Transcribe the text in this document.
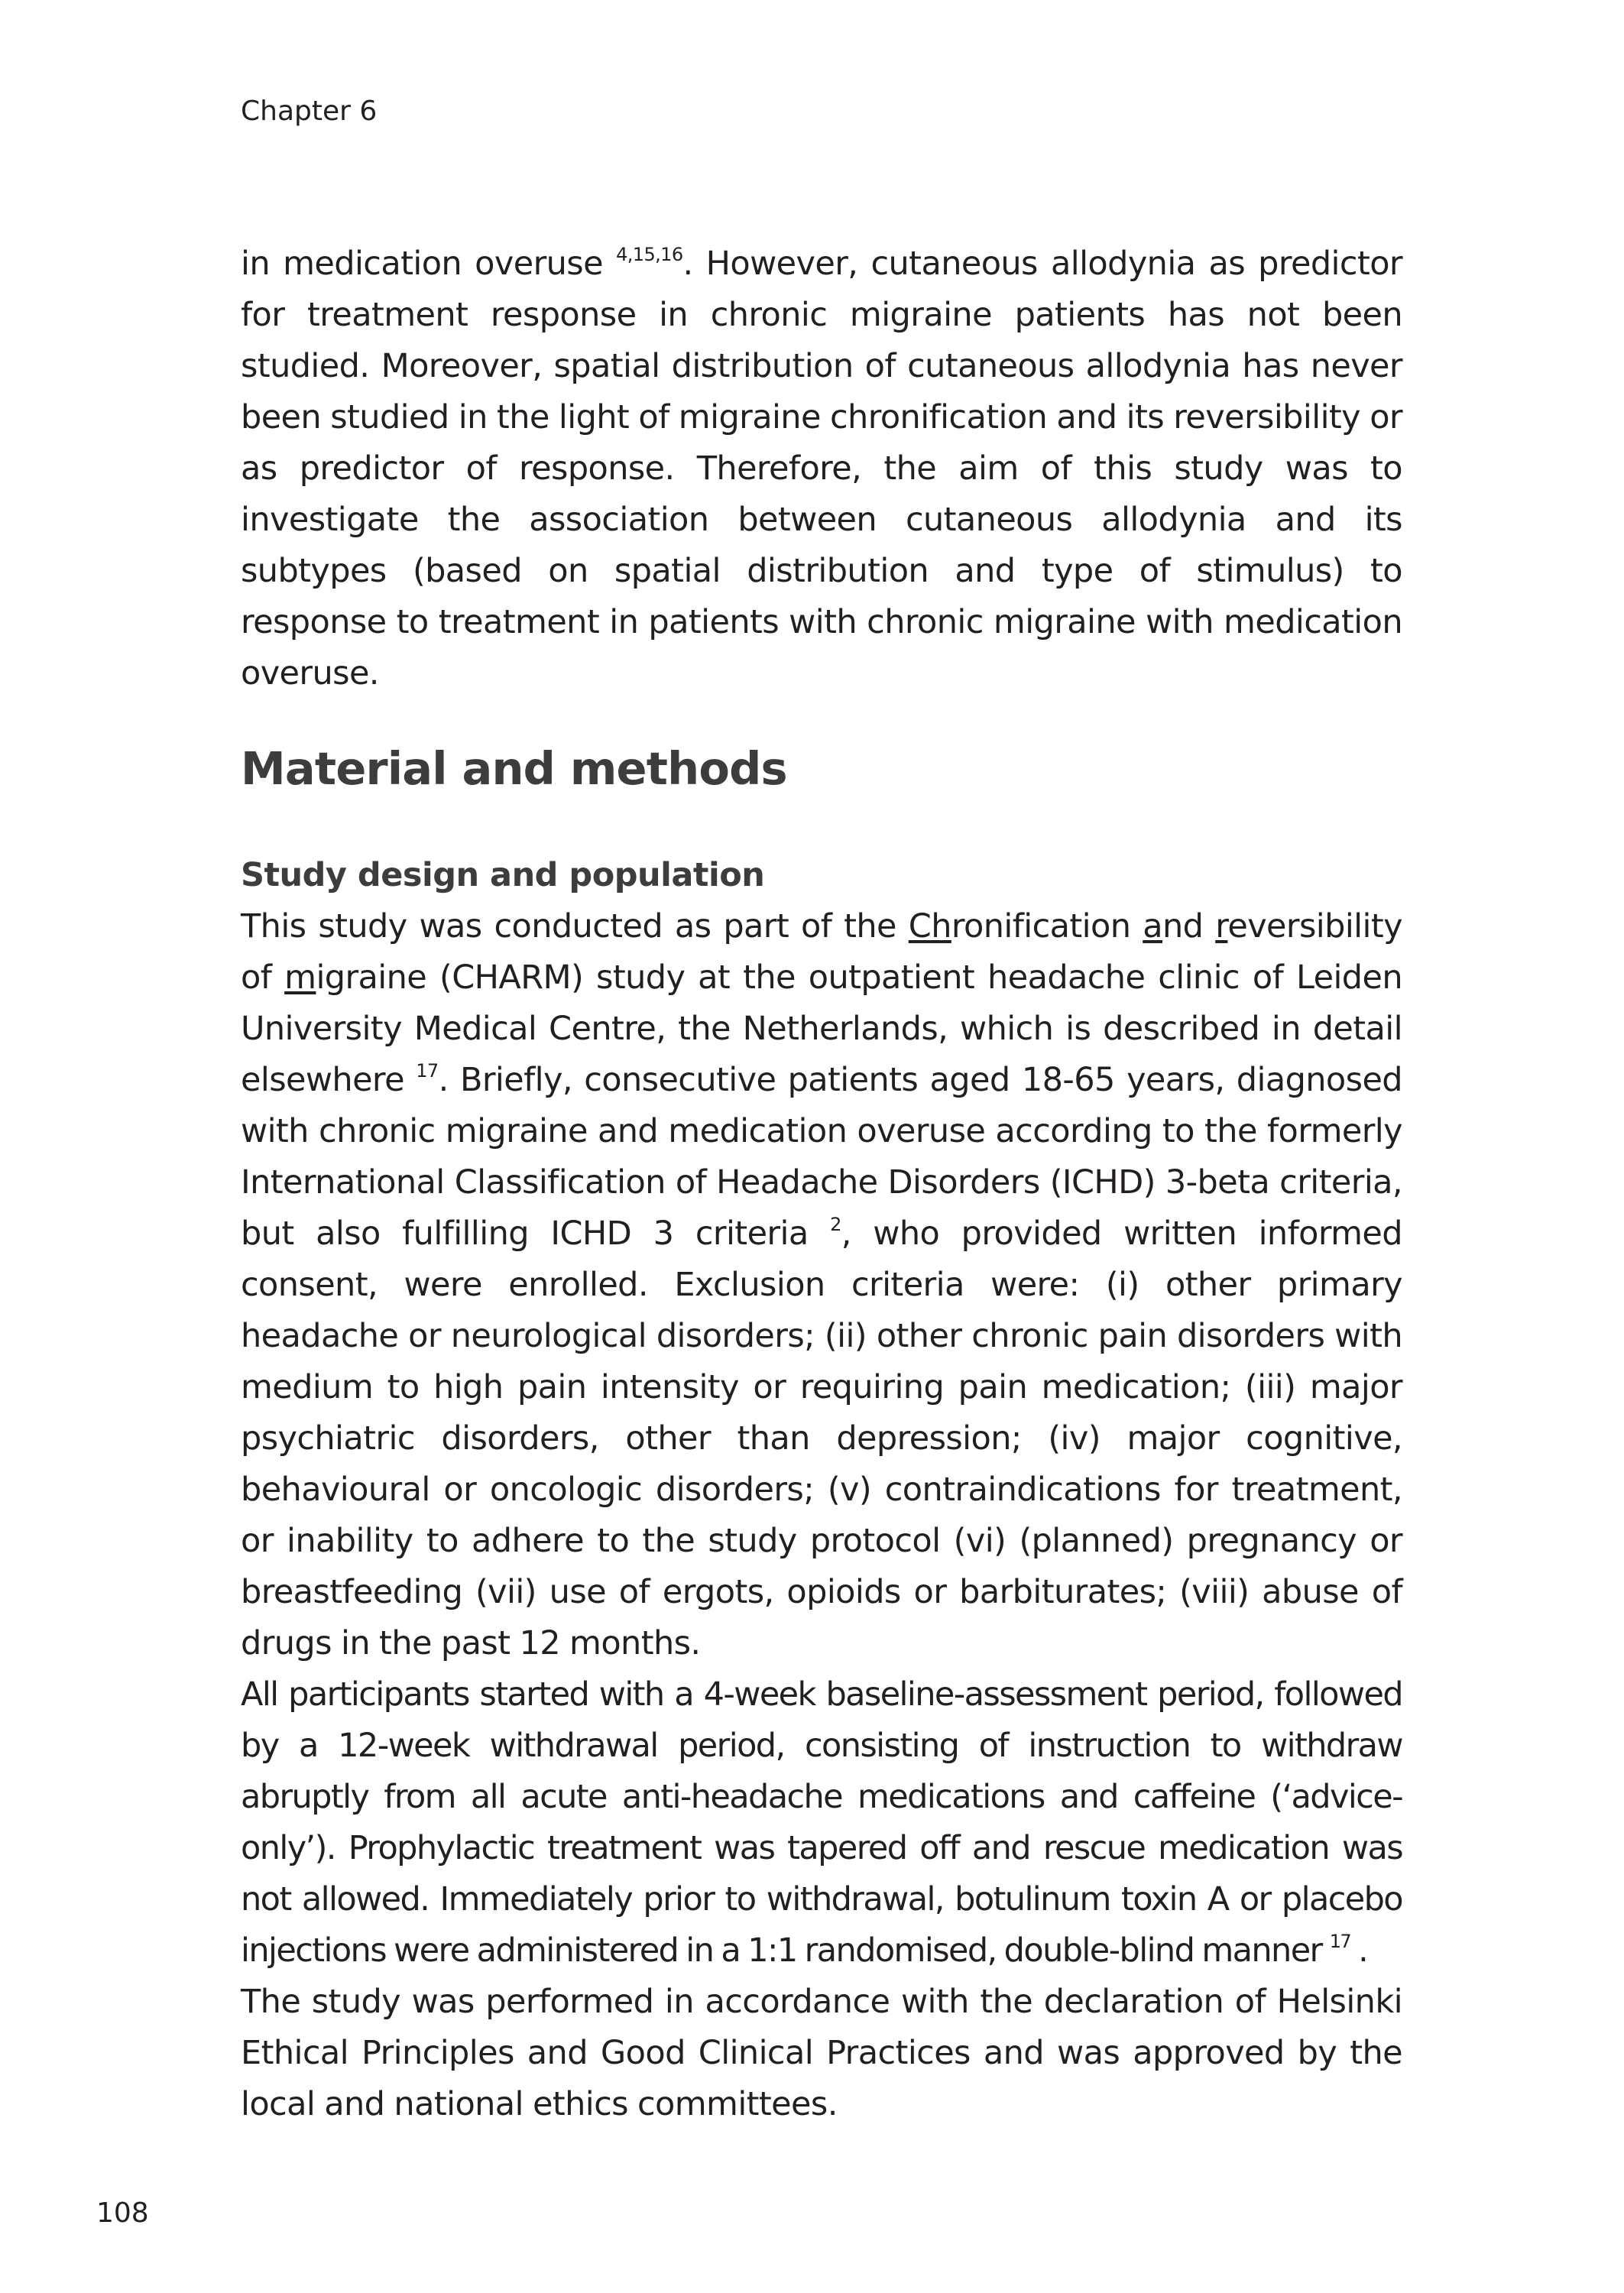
Chapter 6

in medication overuse $^{4,15,16}$. However, cutaneous allodynia as predictor for treatment response in chronic migraine patients has not been studied. Moreover, spatial distribution of cutaneous allodynia has never been studied in the light of migraine chronification and its reversibility or as predictor of response. Therefore, the aim of this study was to investigate the association between cutaneous allodynia and its subtypes (based on spatial distribution and type of stimulus) to response to treatment in patients with chronic migraine with medication overuse.

Material and methods
Study design and population

This study was conducted as part of the Chronification and reversibility of migraine (CHARM) study at the outpatient headache clinic of Leiden University Medical Centre, the Netherlands, which is described in detail elsewhere $^{17}$. Briefly, consecutive patients aged 18-65 years, diagnosed with chronic migraine and medication overuse according to the formerly International Classification of Headache Disorders (ICHD) 3-beta criteria, but also fulfilling ICHD 3 criteria $^2$, who provided written informed consent, were enrolled. Exclusion criteria were: (i) other primary headache or neurological disorders; (ii) other chronic pain disorders with medium to high pain intensity or requiring pain medication; (iii) major psychiatric disorders, other than depression; (iv) major cognitive, behavioural or oncologic disorders; (v) contraindications for treatment, or inability to adhere to the study protocol (vi) (planned) pregnancy or breastfeeding (vii) use of ergots, opioids or barbiturates; (viii) abuse of drugs in the past 12 months.

All participants started with a 4-week baseline-assessment period, followed by a 12-week withdrawal period, consisting of instruction to withdraw abruptly from all acute anti-headache medications and caffeine (‘advice-only’). Prophylactic treatment was tapered off and rescue medication was not allowed. Immediately prior to withdrawal, botulinum toxin A or placebo injections were administered in a 1:1 randomised, double-blind manner $^{17}$ .

The study was performed in accordance with the declaration of Helsinki Ethical Principles and Good Clinical Practices and was approved by the local and national ethics committees.

108
